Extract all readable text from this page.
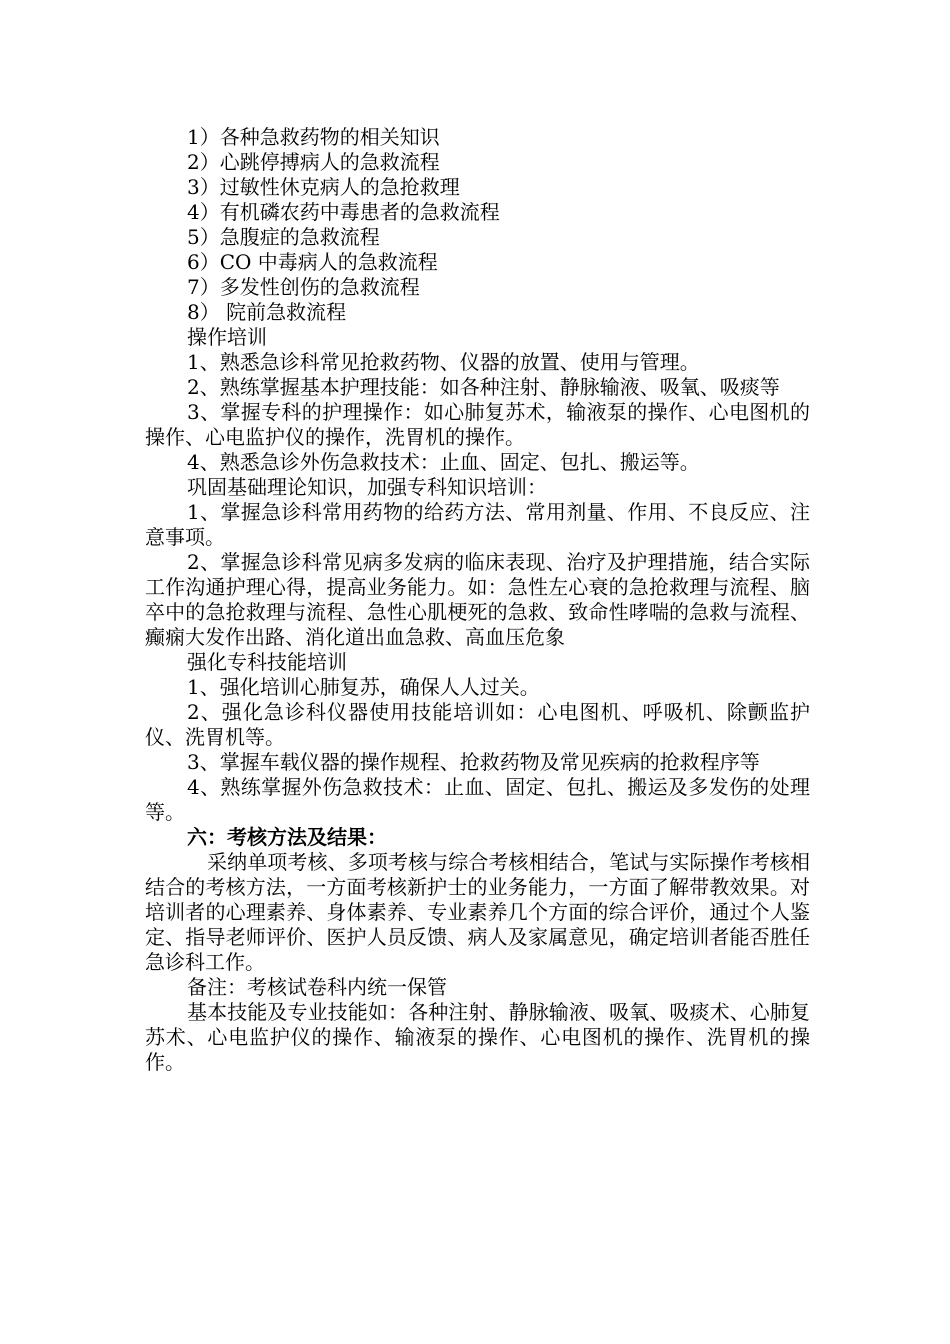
1）各种急救药物的相关知识

2）心跳停搏病人的急救流程

3）过敏性休克病人的急抢救理

4）有机磷农药中毒患者的急救流程

5）急腹症的急救流程

6）CO 中毒病人的急救流程

7）多发性创伤的急救流程

8） 院前急救流程

操作培训

1、熟悉急诊科常见抢救药物、仪器的放置、使用与管理。

2、熟练掌握基本护理技能：如各种注射、静脉输液、吸氧、吸痰等

3、掌握专科的护理操作：如心肺复苏术，输液泵的操作、心电图机的操作、心电监护仪的操作，洗胃机的操作。

4、熟悉急诊外伤急救技术：止血、固定、包扎、搬运等。

巩固基础理论知识，加强专科知识培训：

1、掌握急诊科常用药物的给药方法、常用剂量、作用、不良反应、注意事项。

2、掌握急诊科常见病多发病的临床表现、治疗及护理措施，结合实际工作沟通护理心得，提高业务能力。如：急性左心衰的急抢救理与流程、脑卒中的急抢救理与流程、急性心肌梗死的急救、致命性哮喘的急救与流程、癫痫大发作出路、消化道出血急救、高血压危象

强化专科技能培训

1、强化培训心肺复苏，确保人人过关。

2、强化急诊科仪器使用技能培训如：心电图机、呼吸机、除颤监护仪、洗胃机等。

3、掌握车载仪器的操作规程、抢救药物及常见疾病的抢救程序等

4、熟练掌握外伤急救技术：止血、固定、包扎、搬运及多发伤的处理等。

六：考核方法及结果：

采纳单项考核、多项考核与综合考核相结合，笔试与实际操作考核相结合的考核方法，一方面考核新护士的业务能力，一方面了解带教效果。对培训者的心理素养、身体素养、专业素养几个方面的综合评价，通过个人鉴定、指导老师评价、医护人员反馈、病人及家属意见，确定培训者能否胜任急诊科工作。

备注：考核试卷科内统一保管

基本技能及专业技能如：各种注射、静脉输液、吸氧、吸痰术、心肺复苏术、心电监护仪的操作、输液泵的操作、心电图机的操作、洗胃机的操作。
